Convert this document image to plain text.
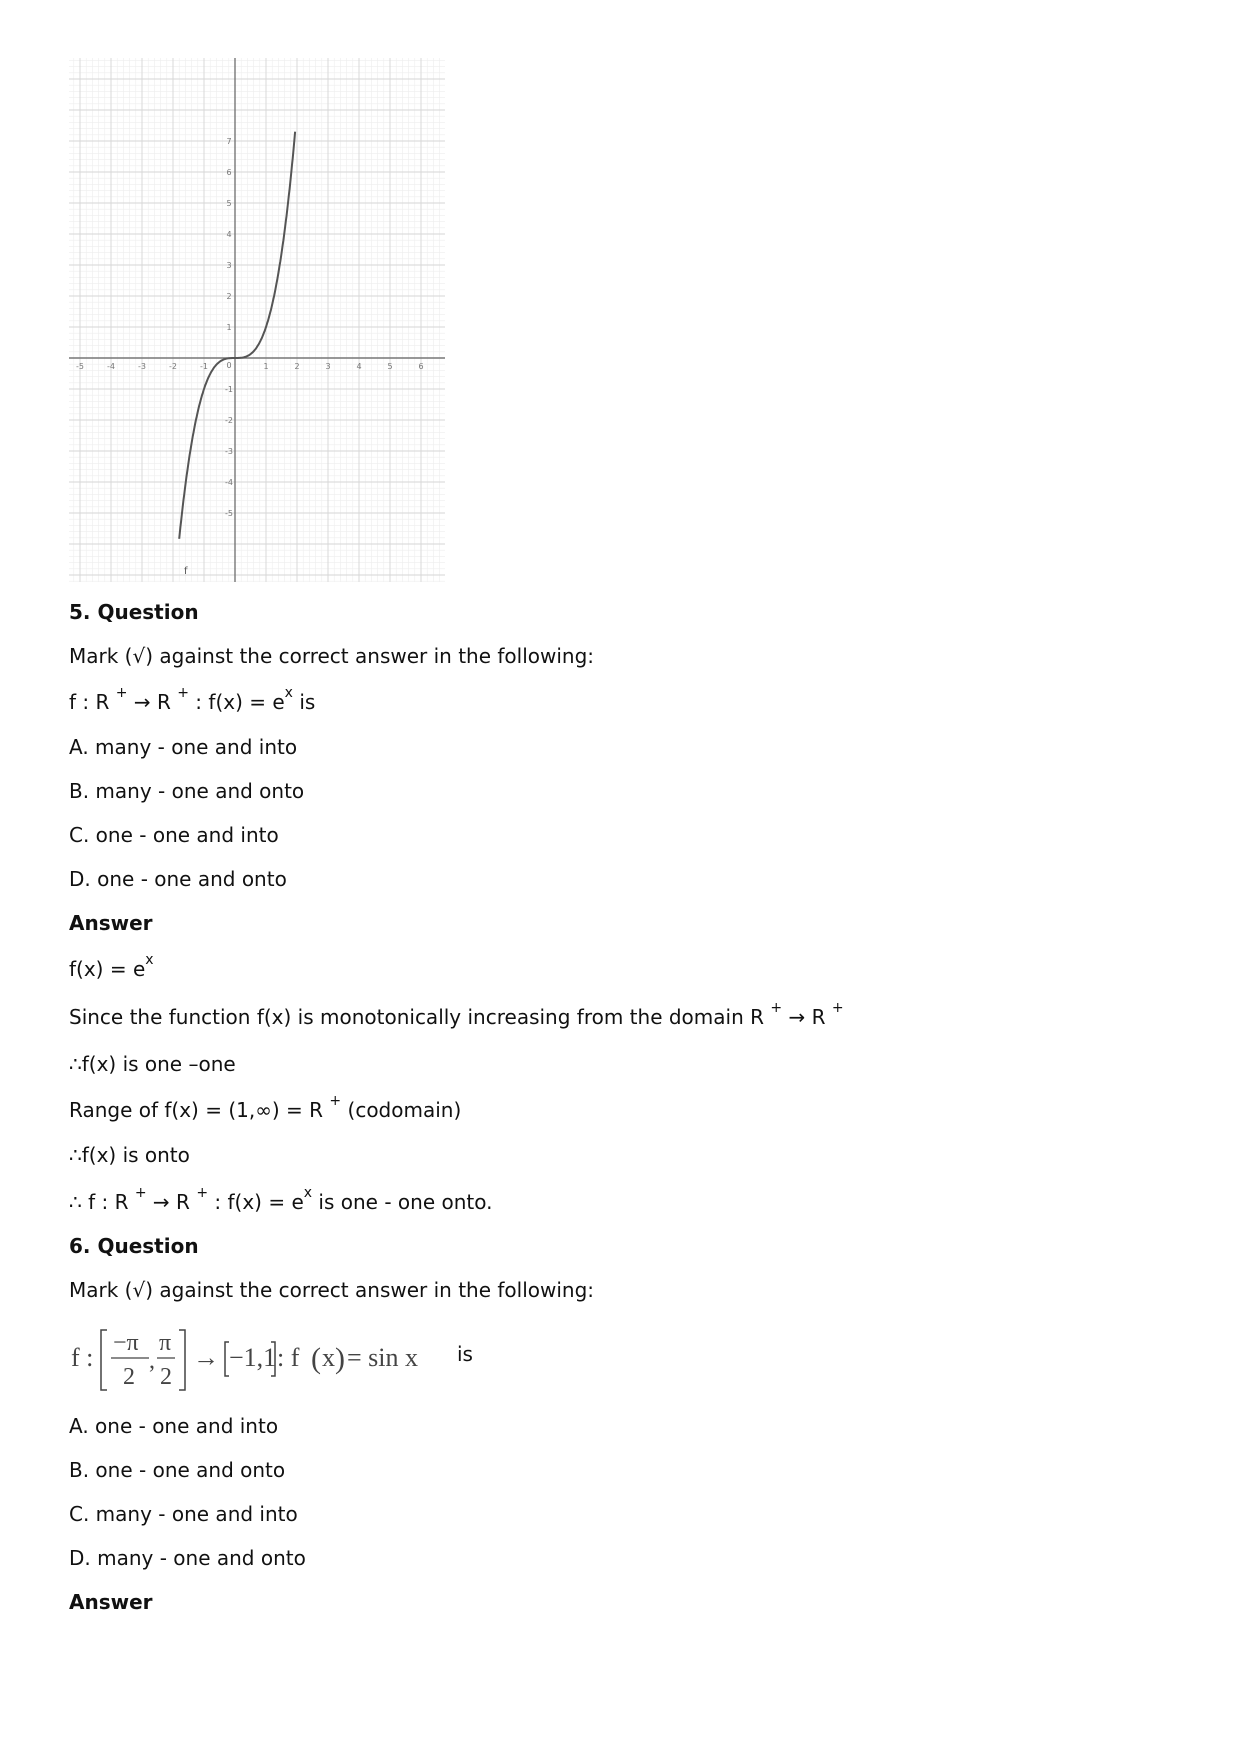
-5	-4	-3	-2	-1 0	1	2	3	4	5	6
7
6
5
4
3
2
1
-1
-2
-3
-4
-5
f
5. Question
Mark (√) against the correct answer in the following:
f : R + → R + : $f(x) = e^x$ is
A. many - one and into
B. many - one and onto
C. one - one and into
D. one - one and onto
Answer
$f(x) = e^x$
Since the function f(x) is monotonically increasing from the domain R + → R +
∴f(x) is one –one
Range of f(x) = (1,∞) = R + (codomain)
∴f(x) is onto
∴ f : R + → R + : $f(x) = e^x$ is one - one onto.
6. Question
Mark (√) against the correct answer in the following:
f : −π
2
,
π
2
→ −1,1 : f ( x ) = sin x is
A. one - one and into
B. one - one and onto
C. many - one and into
D. many - one and onto
Answer
